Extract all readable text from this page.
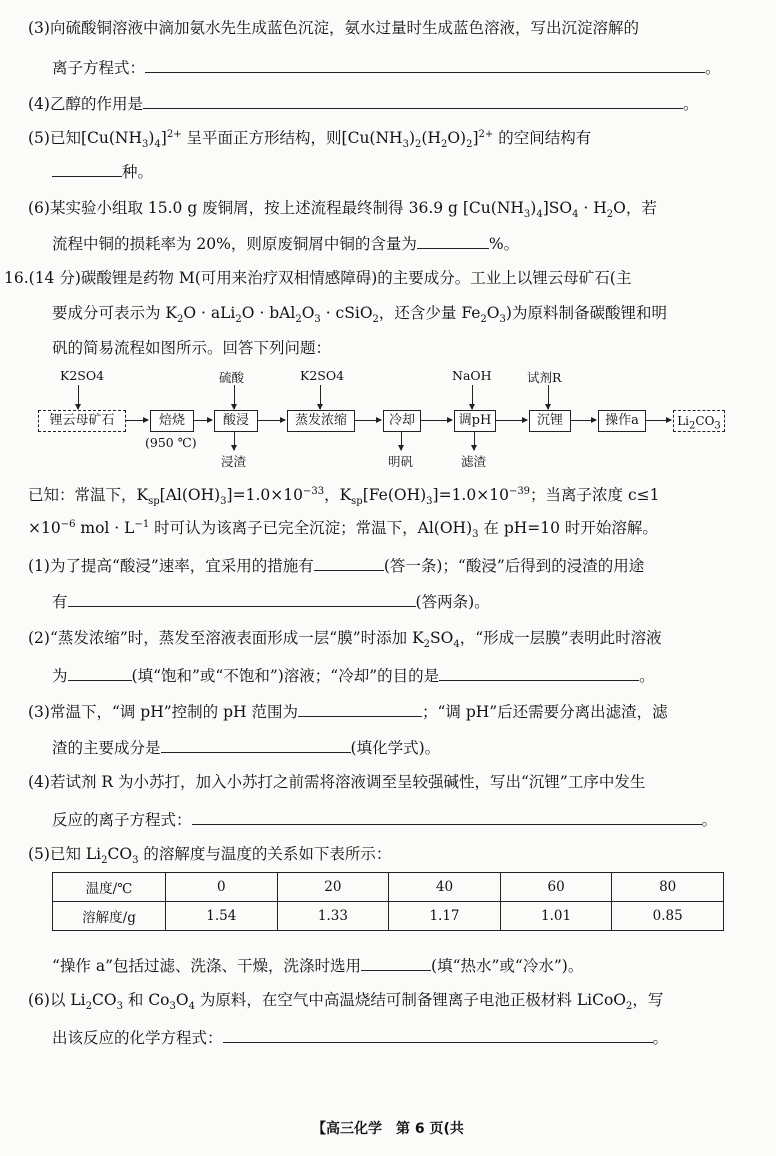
(3)向硫酸铜溶液中滴加氨水先生成蓝色沉淀，氨水过量时生成蓝色溶液，写出沉淀溶解的
离子方程式：	。
(4)乙醇的作用是	。
(5)已知$[Cu(NH_3)_4]^{2+}$ 呈平面正方形结构，则$[Cu(NH_3)_2(H_2O)_2]^{2+}$ 的空间结构有
种。
(6)某实验小组取 15.0 g 废铜屑，按上述流程最终制得 36.9 g $[Cu(NH_3)_4]SO_4 \cdot H_2O$，若
流程中铜的损耗率为 20%，则原废铜屑中铜的含量为	%。
16.(14 分)碳酸锂是药物 M(可用来治疗双相情感障碍)的主要成分。工业上以锂云母矿石(主
要成分可表示为 $K_2O \cdot aLi_2O \cdot bAl_2O_3$ · cSiO$_2$，还含少量 $Fe_2O_3$)为原料制备碳酸锂和明
矾的简易流程如图所示。回答下列问题：
K2SO4	硫酸	K2SO4	NaOH	试剂R
锂云母矿石	焙烧	酸浸	蒸发浓缩	冷却	调pH	沉锂	操作a	$Li_2CO_3$
(950 ℃)
浸渣	明矾	滤渣
已知：常温下，$K_{sp}[Al(OH)_3]=1.0\times 10^{-33}$，$K_{sp}[Fe(OH)_3]=1.0\times 10^{-39}$；当离子浓度 c≤1
$\times 10^{-6}$ mol · $L^{-1}$ 时可认为该离子已完全沉淀；常温下，$Al(OH)_3$ 在 pH=10 时开始溶解。
(1)为了提高“酸浸”速率，宜采用的措施有	(答一条)；“酸浸”后得到的浸渣的用途
有	(答两条)。
(2)“蒸发浓缩”时，蒸发至溶液表面形成一层“膜”时添加 $K_2SO_4$，“形成一层膜”表明此时溶液
为	(填“饱和”或“不饱和”)溶液；“冷却”的目的是	。
(3)常温下，“调 pH”控制的 pH 范围为	；“调 pH”后还需要分离出滤渣，滤
渣的主要成分是	(填化学式)。
(4)若试剂 R 为小苏打，加入小苏打之前需将溶液调至呈较强碱性，写出“沉锂”工序中发生
反应的离子方程式：	。
(5)已知 $Li_2CO_3$ 的溶解度与温度的关系如下表所示：
温度/℃	0	20	40	60	80
溶解度/g	1.54	1.33	1.17	1.01	0.85
“操作 a”包括过滤、洗涤、干燥，洗涤时选用	(填“热水”或“冷水”)。
(6)以 $Li_2CO_3$ 和 $Co_3O_4$ 为原料，在空气中高温烧结可制备锂离子电池正极材料 LiCoO$_2$，写
出该反应的化学方程式：	。
【高三化学　第 6 页(共
